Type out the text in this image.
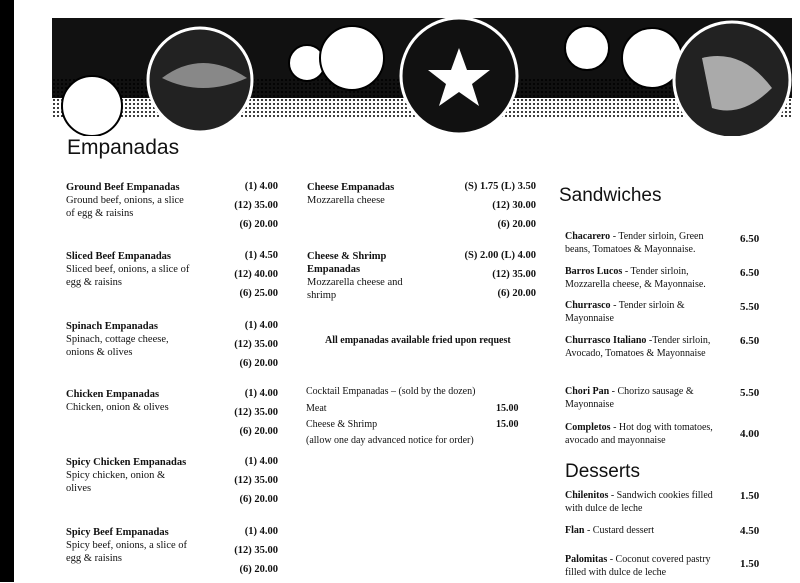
Empanadas
Sandwiches
Desserts
Ground Beef Empanadas
Ground beef, onions, a slice of egg & raisins
(1) 4.00
(12) 35.00
(6) 20.00
Sliced Beef Empanadas
Sliced beef, onions, a slice of egg & raisins
(1) 4.50
(12) 40.00
(6) 25.00
Spinach Empanadas
Spinach, cottage cheese, onions & olives
(1) 4.00
(12) 35.00
(6) 20.00
Chicken Empanadas
Chicken, onion & olives
(1) 4.00
(12) 35.00
(6) 20.00
Spicy Chicken Empanadas
Spicy chicken, onion & olives
(1) 4.00
(12) 35.00
(6) 20.00
Spicy Beef Empanadas
Spicy beef, onions, a slice of egg & raisins
(1) 4.00
(12) 35.00
(6) 20.00
Cheese Empanadas
Mozzarella cheese
(S) 1.75 (L) 3.50
(12) 30.00
(6) 20.00
Cheese & Shrimp Empanadas
Mozzarella cheese and shrimp
(S) 2.00 (L) 4.00
(12) 35.00
(6) 20.00
All empanadas available fried upon request
Cocktail Empanadas – (sold by the dozen)
Meat	15.00
Cheese & Shrimp	15.00
(allow one day advanced notice for order)
Chacarero - Tender sirloin, Green beans, Tomatoes & Mayonnaise.
6.50
Barros Lucos - Tender sirloin, Mozzarella cheese, & Mayonnaise.
6.50
Churrasco - Tender sirloin & Mayonnaise
5.50
Churrasco Italiano -Tender sirloin, Avocado, Tomatoes & Mayonnaise
6.50
Chori Pan - Chorizo sausage & Mayonnaise
5.50
Completos - Hot dog with tomatoes, avocado and mayonnaise
4.00
Chilenitos - Sandwich cookies filled with dulce de leche
1.50
Flan - Custard dessert	4.50
Palomitas - Coconut covered pastry filled with dulce de leche
1.50
